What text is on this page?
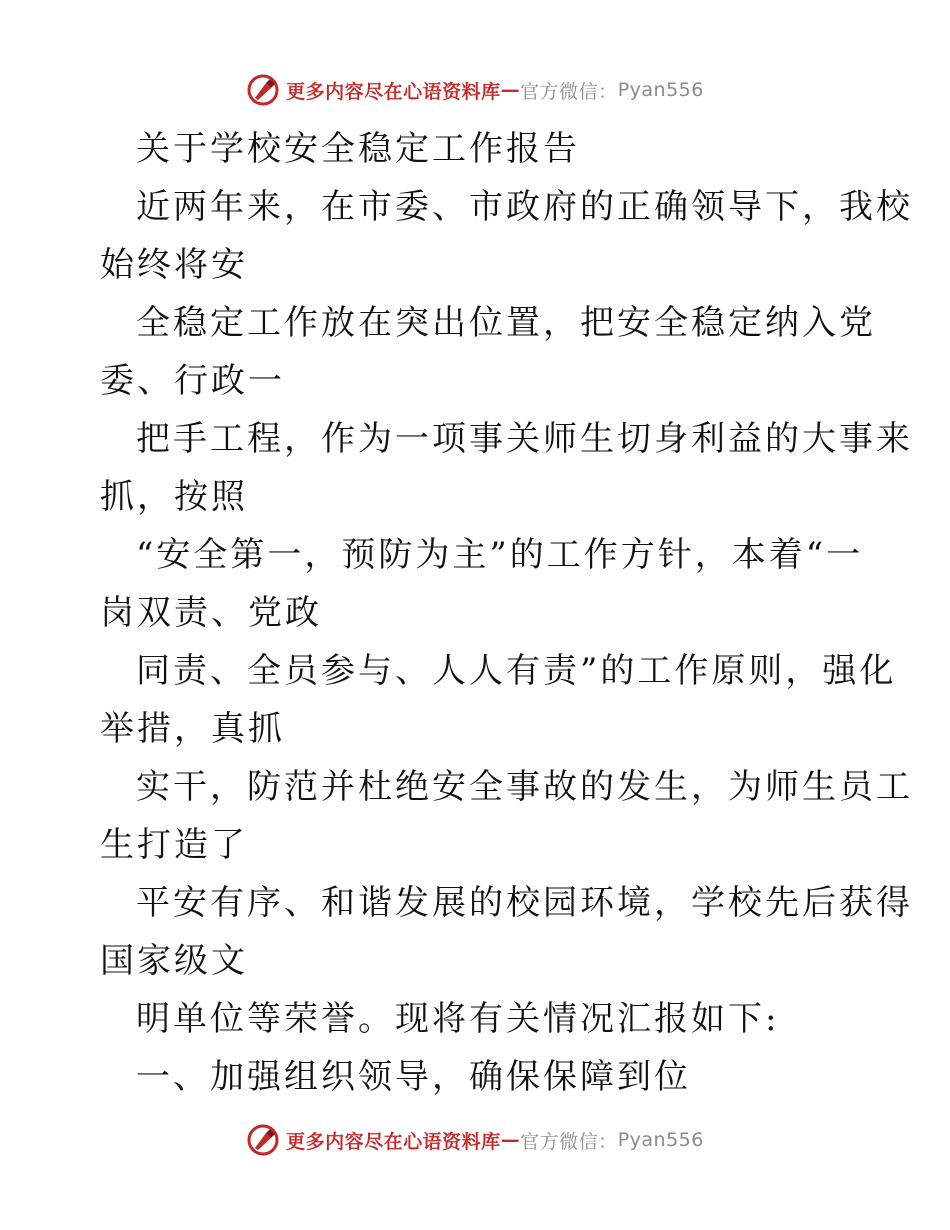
更多内容尽在心语资料库 — 官方微信： Pyan556
关于学校安全稳定工作报告
近两年来，在市委、市政府的正确领导下，我校
始终将安
全稳定工作放在突出位置，把安全稳定纳入党
委、行政一
把手工程，作为一项事关师生切身利益的大事来
抓，按照
“安全第一，预防为主”的工作方针，本着“一
岗双责、党政
同责、全员参与、人人有责”的工作原则，强化
举措，真抓
实干，防范并杜绝安全事故的发生，为师生员工
生打造了
平安有序、和谐发展的校园环境，学校先后获得
国家级文
明单位等荣誉。现将有关情况汇报如下:
一、加强组织领导，确保保障到位
更多内容尽在心语资料库 — 官方微信： Pyan556
